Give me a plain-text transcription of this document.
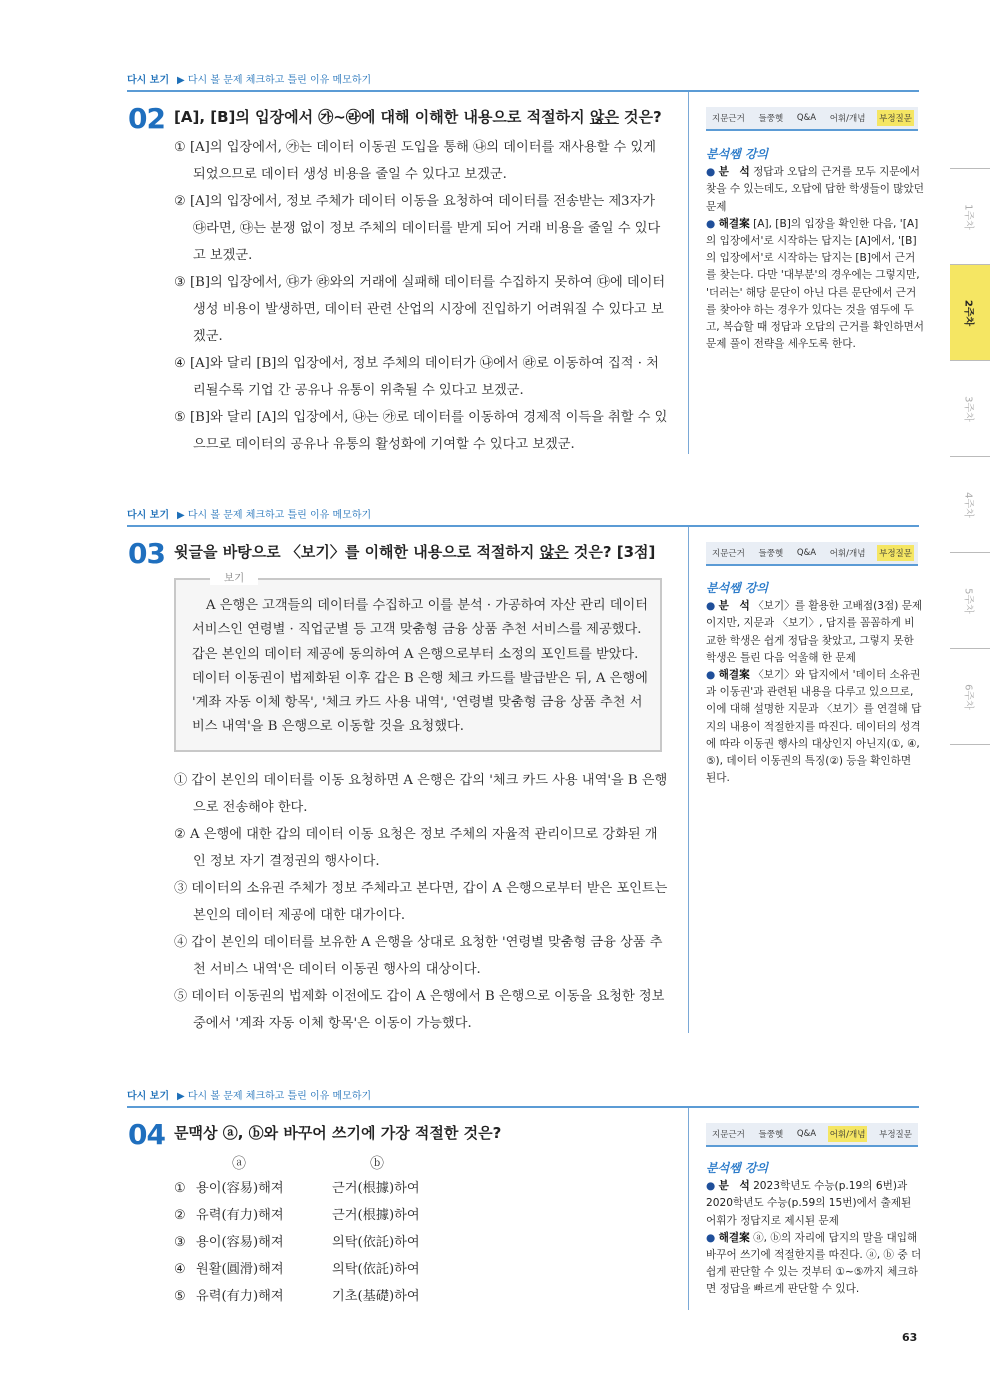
다시 보기 ▶ 다시 볼 문제 체크하고 틀린 이유 메모하기
다시 보기 ▶ 다시 볼 문제 체크하고 틀린 이유 메모하기
다시 보기 ▶ 다시 볼 문제 체크하고 틀린 이유 메모하기
02 [A], [B]의 입장에서 ㉮∼㉱에 대해 이해한 내용으로 적절하지 않은 것은?
① [A]의 입장에서, ㉮는 데이터 이동권 도입을 통해 ㉯의 데이터를 재사용할 수 있게 되었으므로 데이터 생성 비용을 줄일 수 있다고 보겠군.
② [A]의 입장에서, 정보 주체가 데이터 이동을 요청하여 데이터를 전송받는 제3자가 ㉰라면, ㉰는 분쟁 없이 정보 주체의 데이터를 받게 되어 거래 비용을 줄일 수 있다고 보겠군.
③ [B]의 입장에서, ㉰가 ㉱와의 거래에 실패해 데이터를 수집하지 못하여 ㉰에 데이터 생성 비용이 발생하면, 데이터 관련 산업의 시장에 진입하기 어려워질 수 있다고 보겠군.
④ [A]와 달리 [B]의 입장에서, 정보 주체의 데이터가 ㉯에서 ㉱로 이동하여 집적 · 처리될수록 기업 간 공유나 유통이 위축될 수 있다고 보겠군.
⑤ [B]와 달리 [A]의 입장에서, ㉯는 ㉮로 데이터를 이동하여 경제적 이득을 취할 수 있으므로 데이터의 공유나 유통의 활성화에 기여할 수 있다고 보겠군.
지문근거 들쭝헷 Q&A 어휘/개념 부정질문
분석쌤 강의
● 분　석 정답과 오답의 근거를 모두 지문에서 찾을 수 있는데도, 오답에 답한 학생들이 많았던 문제
● 해결案 [A], [B]의 입장을 확인한 다음, '[A]의 입장에서'로 시작하는 답지는 [A]에서, '[B]의 입장에서'로 시작하는 답지는 [B]에서 근거를 찾는다. 다만 '대부분'의 경우에는 그렇지만, '더러는' 해당 문단이 아닌 다른 문단에서 근거를 찾아야 하는 경우가 있다는 것을 염두에 두고, 복습할 때 정답과 오답의 근거를 확인하면서 문제 풀이 전략을 세우도록 한다.
03 윗글을 바탕으로 〈보기〉를 이해한 내용으로 적절하지 않은 것은? [3점]
보기
A 은행은 고객들의 데이터를 수집하고 이를 분석 · 가공하여 자산 관리 데이터 서비스인 연령별 · 직업군별 등 고객 맞춤형 금융 상품 추천 서비스를 제공했다. 갑은 본인의 데이터 제공에 동의하여 A 은행으로부터 소정의 포인트를 받았다. 데이터 이동권이 법제화된 이후 갑은 B 은행 체크 카드를 발급받은 뒤, A 은행에 '계좌 자동 이체 항목', '체크 카드 사용 내역', '연령별 맞춤형 금융 상품 추천 서비스 내역'을 B 은행으로 이동할 것을 요청했다.
① 갑이 본인의 데이터를 이동 요청하면 A 은행은 갑의 '체크 카드 사용 내역'을 B 은행으로 전송해야 한다.
② A 은행에 대한 갑의 데이터 이동 요청은 정보 주체의 자율적 관리이므로 강화된 개인 정보 자기 결정권의 행사이다.
③ 데이터의 소유권 주체가 정보 주체라고 본다면, 갑이 A 은행으로부터 받은 포인트는 본인의 데이터 제공에 대한 대가이다.
④ 갑이 본인의 데이터를 보유한 A 은행을 상대로 요청한 '연령별 맞춤형 금융 상품 추천 서비스 내역'은 데이터 이동권 행사의 대상이다.
⑤ 데이터 이동권의 법제화 이전에도 갑이 A 은행에서 B 은행으로 이동을 요청한 정보 중에서 '계좌 자동 이체 항목'은 이동이 가능했다.
지문근거 들쭝헷 Q&A 어휘/개념 부정질문
분석쌤 강의
● 분　석 〈보기〉를 활용한 고배점(3점) 문제이지만, 지문과 〈보기〉, 답지를 꼼꼼하게 비교한 학생은 쉽게 정답을 찾았고, 그렇지 못한 학생은 틀린 다음 억울해 한 문제
● 해결案 〈보기〉와 답지에서 '데이터 소유권과 이동권'과 관련된 내용을 다루고 있으므로, 이에 대해 설명한 지문과 〈보기〉를 연결해 답지의 내용이 적절한지를 따진다. 데이터의 성격에 따라 이동권 행사의 대상인지 아닌지(①, ④, ⑤), 데이터 이동권의 특징(②) 등을 확인하면 된다.
04 문맥상 ⓐ, ⓑ와 바꾸어 쓰기에 가장 적절한 것은?
ⓐ	ⓑ
① 용이(容易)해져	근거(根據)하여
② 유력(有力)해져	근거(根據)하여
③ 용이(容易)해져	의탁(依託)하여
④ 원활(圓滑)해져	의탁(依託)하여
⑤ 유력(有力)해져	기초(基礎)하여
지문근거 들쭝헷 Q&A 어휘/개념 부정질문
분석쌤 강의
● 분　석 2023학년도 수능(p.19의 6번)과 2020학년도 수능(p.59의 15번)에서 출제된 어휘가 정답지로 제시된 문제
● 해결案 ⓐ, ⓑ의 자리에 답지의 말을 대입해 바꾸어 쓰기에 적절한지를 따진다. ⓐ, ⓑ 중 더 쉽게 판단할 수 있는 것부터 ①∼⑤까지 체크하면 정답을 빠르게 판단할 수 있다.
1주차
2주차
3주차
4주차
5주차
6주차
63
